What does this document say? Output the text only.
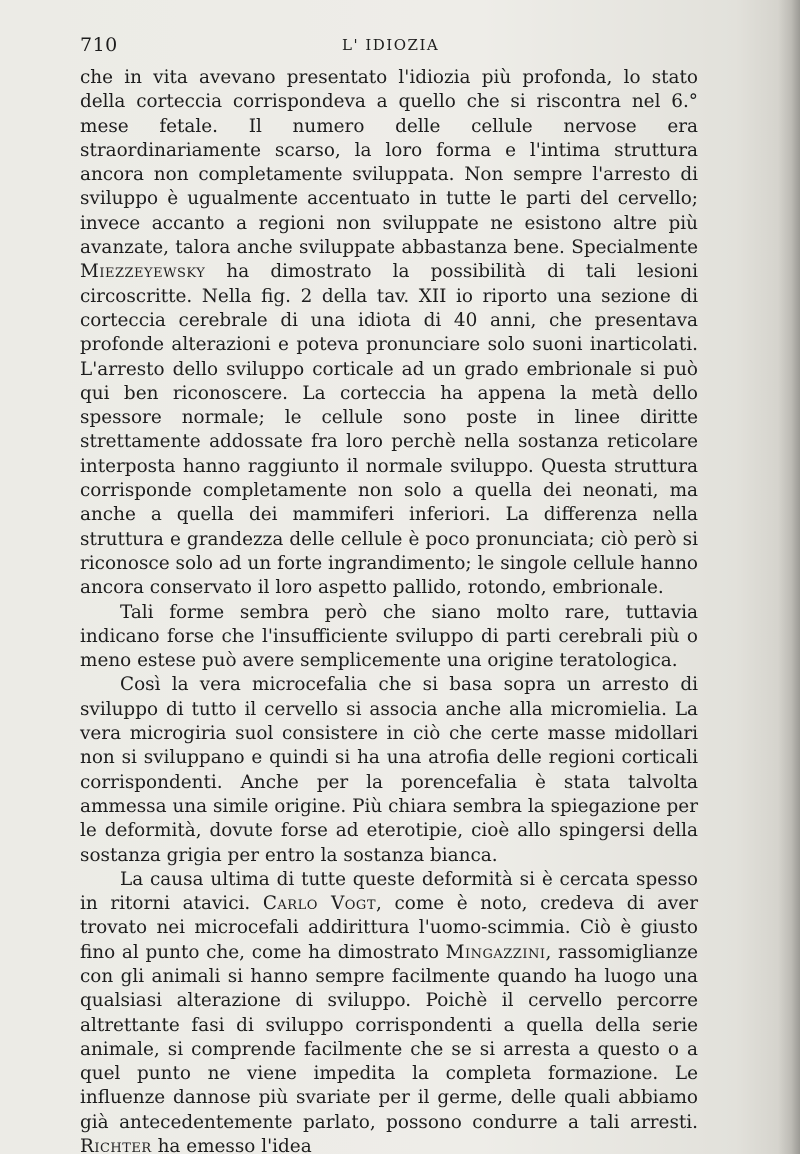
710	L' IDIOZIA

che in vita avevano presentato l'idiozia più profonda, lo stato della corteccia corrispondeva a quello che si riscontra nel 6.° mese fetale. Il numero delle cellule nervose era straordinariamente scarso, la loro forma e l'intima struttura ancora non completamente sviluppata. Non sempre l'arresto di sviluppo è ugualmente accentuato in tutte le parti del cervello; invece accanto a regioni non sviluppate ne esistono altre più avanzate, talora anche sviluppate abbastanza bene. Specialmente Miezzeyewsky ha dimostrato la possibilità di tali lesioni circoscritte. Nella fig. 2 della tav. XII io riporto una sezione di corteccia cerebrale di una idiota di 40 anni, che presentava profonde alterazioni e poteva pronunciare solo suoni inarticolati. L'arresto dello sviluppo corticale ad un grado embrionale si può qui ben riconoscere. La corteccia ha appena la metà dello spessore normale; le cellule sono poste in linee diritte strettamente addossate fra loro perchè nella sostanza reticolare interposta hanno raggiunto il normale sviluppo. Questa struttura corrisponde completamente non solo a quella dei neonati, ma anche a quella dei mammiferi inferiori. La differenza nella struttura e grandezza delle cellule è poco pronunciata; ciò però si riconosce solo ad un forte ingrandimento; le singole cellule hanno ancora conservato il loro aspetto pallido, rotondo, embrionale.

Tali forme sembra però che siano molto rare, tuttavia indicano forse che l'insufficiente sviluppo di parti cerebrali più o meno estese può avere semplicemente una origine teratologica.

Così la vera microcefalia che si basa sopra un arresto di sviluppo di tutto il cervello si associa anche alla micromielia. La vera microgiria suol consistere in ciò che certe masse midollari non si sviluppano e quindi si ha una atrofia delle regioni corticali corrispondenti. Anche per la porencefalia è stata talvolta ammessa una simile origine. Più chiara sembra la spiegazione per le deformità, dovute forse ad eterotipie, cioè allo spingersi della sostanza grigia per entro la sostanza bianca.

La causa ultima di tutte queste deformità si è cercata spesso in ritorni atavici. Carlo Vogt, come è noto, credeva di aver trovato nei microcefali addirittura l'uomo-scimmia. Ciò è giusto fino al punto che, come ha dimostrato Mingazzini, rassomiglianze con gli animali si hanno sempre facilmente quando ha luogo una qualsiasi alterazione di sviluppo. Poichè il cervello percorre altrettante fasi di sviluppo corrispondenti a quella della serie animale, si comprende facilmente che se si arresta a questo o a quel punto ne viene impedita la completa formazione. Le influenze dannose più svariate per il germe, delle quali abbiamo già antecedentemente parlato, possono condurre a tali arresti. Richter ha emesso l'idea
